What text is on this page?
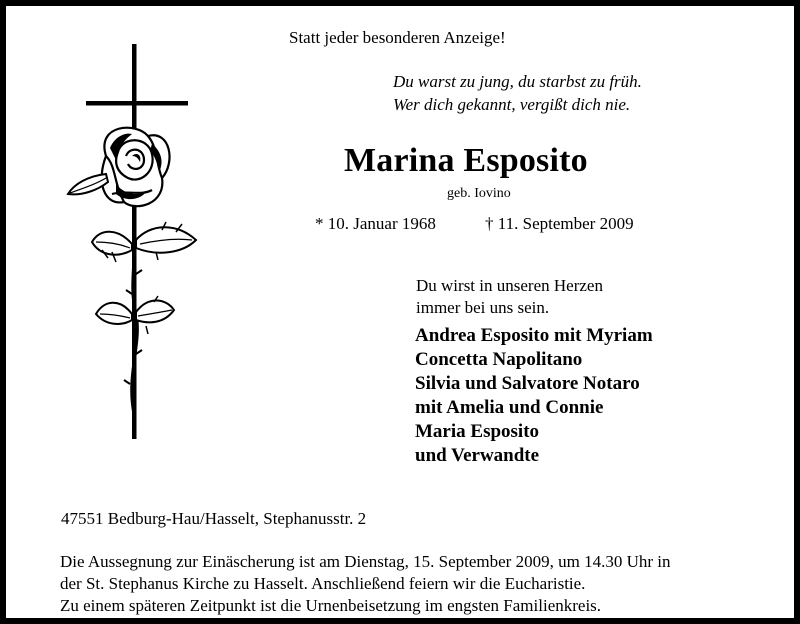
Statt jeder besonderen Anzeige!
Du warst zu jung, du starbst zu früh.
Wer dich gekannt, vergißt dich nie.
Marina Esposito
geb. Iovino
* 10. Januar 1968	† 11. September 2009
Du wirst in unseren Herzen
immer bei uns sein.
Andrea Esposito mit Myriam
Concetta Napolitano
Silvia und Salvatore Notaro
mit Amelia und Connie
Maria Esposito
und Verwandte
47551 Bedburg-Hau/Hasselt, Stephanusstr. 2
Die Aussegnung zur Einäscherung ist am Dienstag, 15. September 2009, um 14.30 Uhr in
der St. Stephanus Kirche zu Hasselt. Anschließend feiern wir die Eucharistie.
Zu einem späteren Zeitpunkt ist die Urnenbeisetzung im engsten Familienkreis.
